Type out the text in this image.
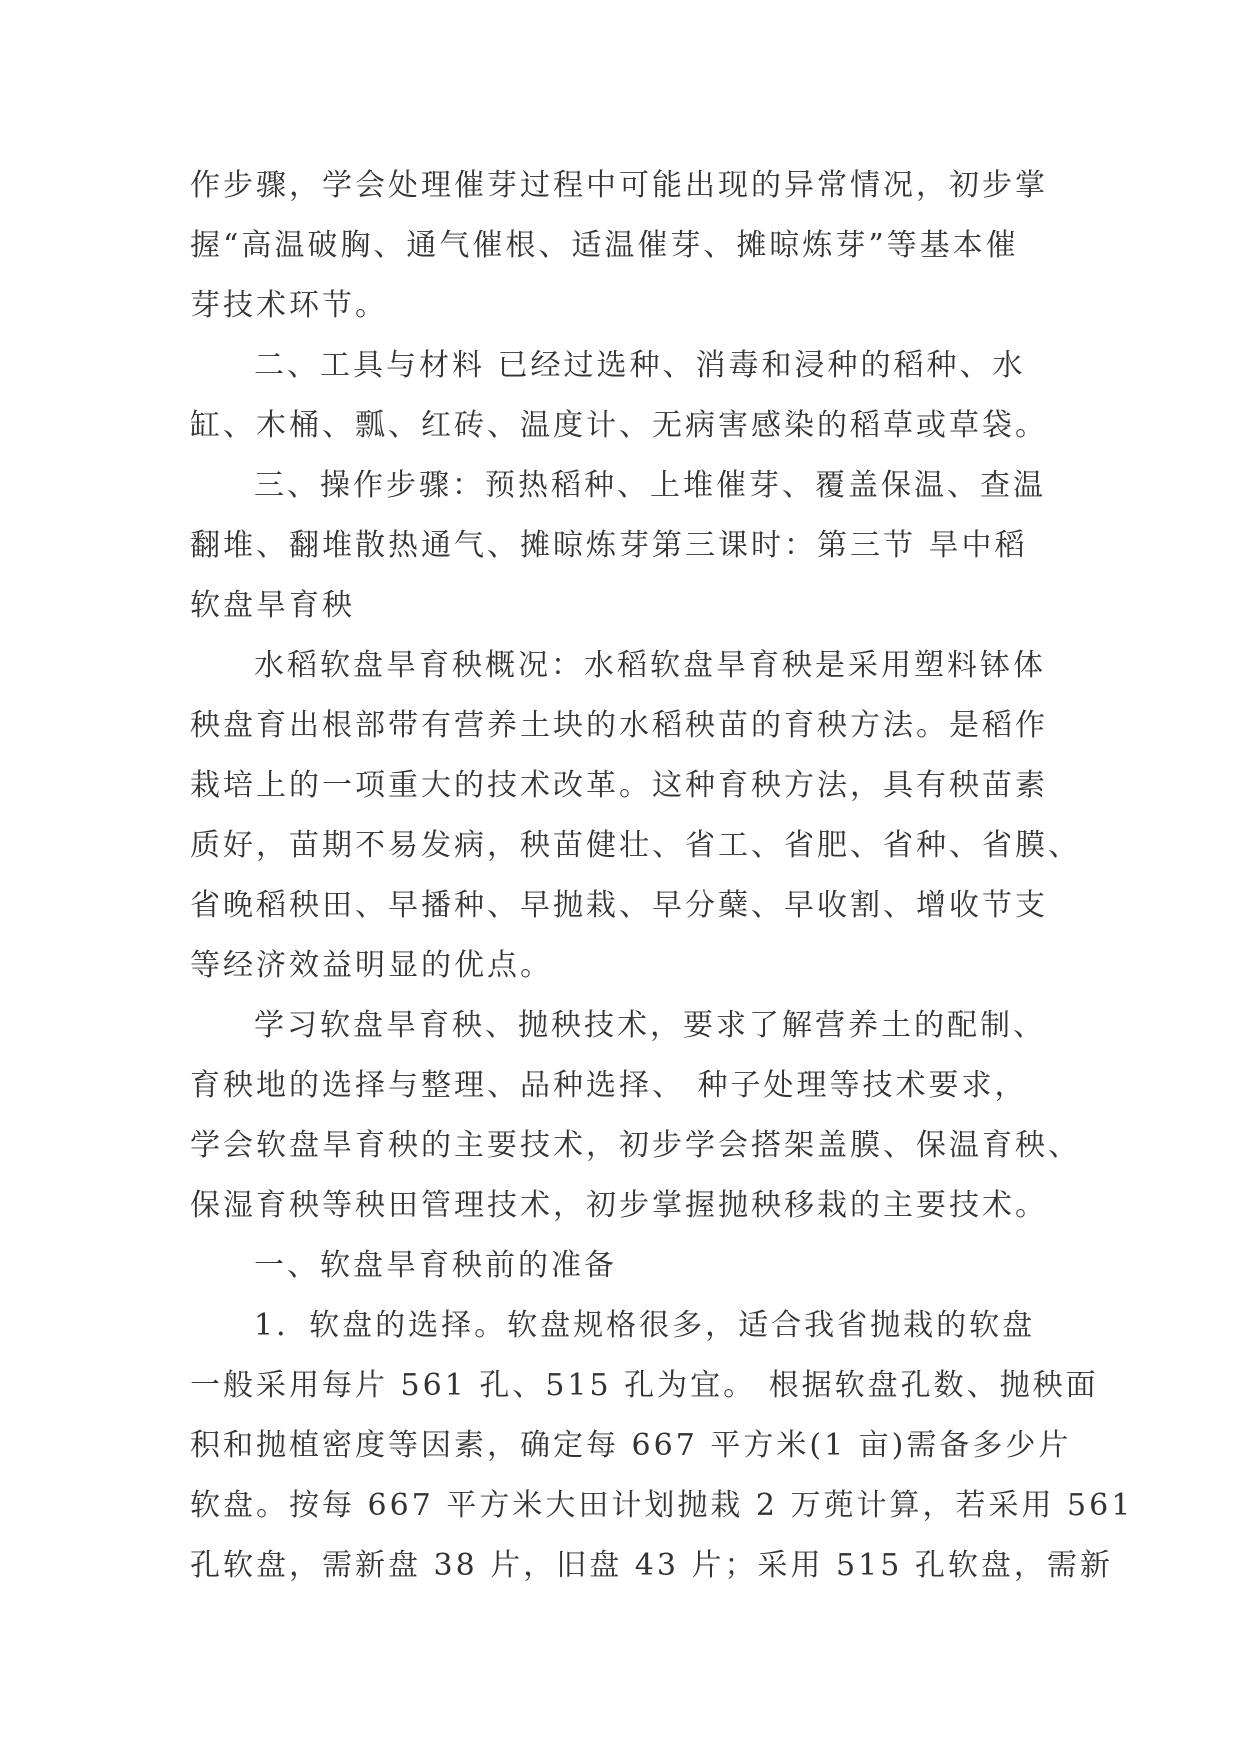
作步骤，学会处理催芽过程中可能出现的异常情况，初步掌
握“高温破胸、通气催根、适温催芽、摊晾炼芽”等基本催
芽技术环节。

二、工具与材料 已经过选种、消毒和浸种的稻种、水
缸、木桶、瓢、红砖、温度计、无病害感染的稻草或草袋。

三、操作步骤：预热稻种、上堆催芽、覆盖保温、查温
翻堆、翻堆散热通气、摊晾炼芽第三课时：第三节 旱中稻
软盘旱育秧

水稻软盘旱育秧概况：水稻软盘旱育秧是采用塑料钵体
秧盘育出根部带有营养土块的水稻秧苗的育秧方法。是稻作
栽培上的一项重大的技术改革。这种育秧方法，具有秧苗素
质好，苗期不易发病，秧苗健壮、省工、省肥、省种、省膜、
省晚稻秧田、早播种、早抛栽、早分蘖、早收割、增收节支
等经济效益明显的优点。

学习软盘旱育秧、抛秧技术，要求了解营养土的配制、
育秧地的选择与整理、品种选择、 种子处理等技术要求，
学会软盘旱育秧的主要技术，初步学会搭架盖膜、保温育秧、
保湿育秧等秧田管理技术，初步掌握抛秧移栽的主要技术。

一、软盘旱育秧前的准备

1．软盘的选择。软盘规格很多，适合我省抛栽的软盘
一般采用每片 561 孔、515 孔为宜。 根据软盘孔数、抛秧面
积和抛植密度等因素，确定每 667 平方米(1 亩)需备多少片
软盘。按每 667 平方米大田计划抛栽 2 万蔸计算，若采用 561
孔软盘，需新盘 38 片，旧盘 43 片；采用 515 孔软盘，需新
